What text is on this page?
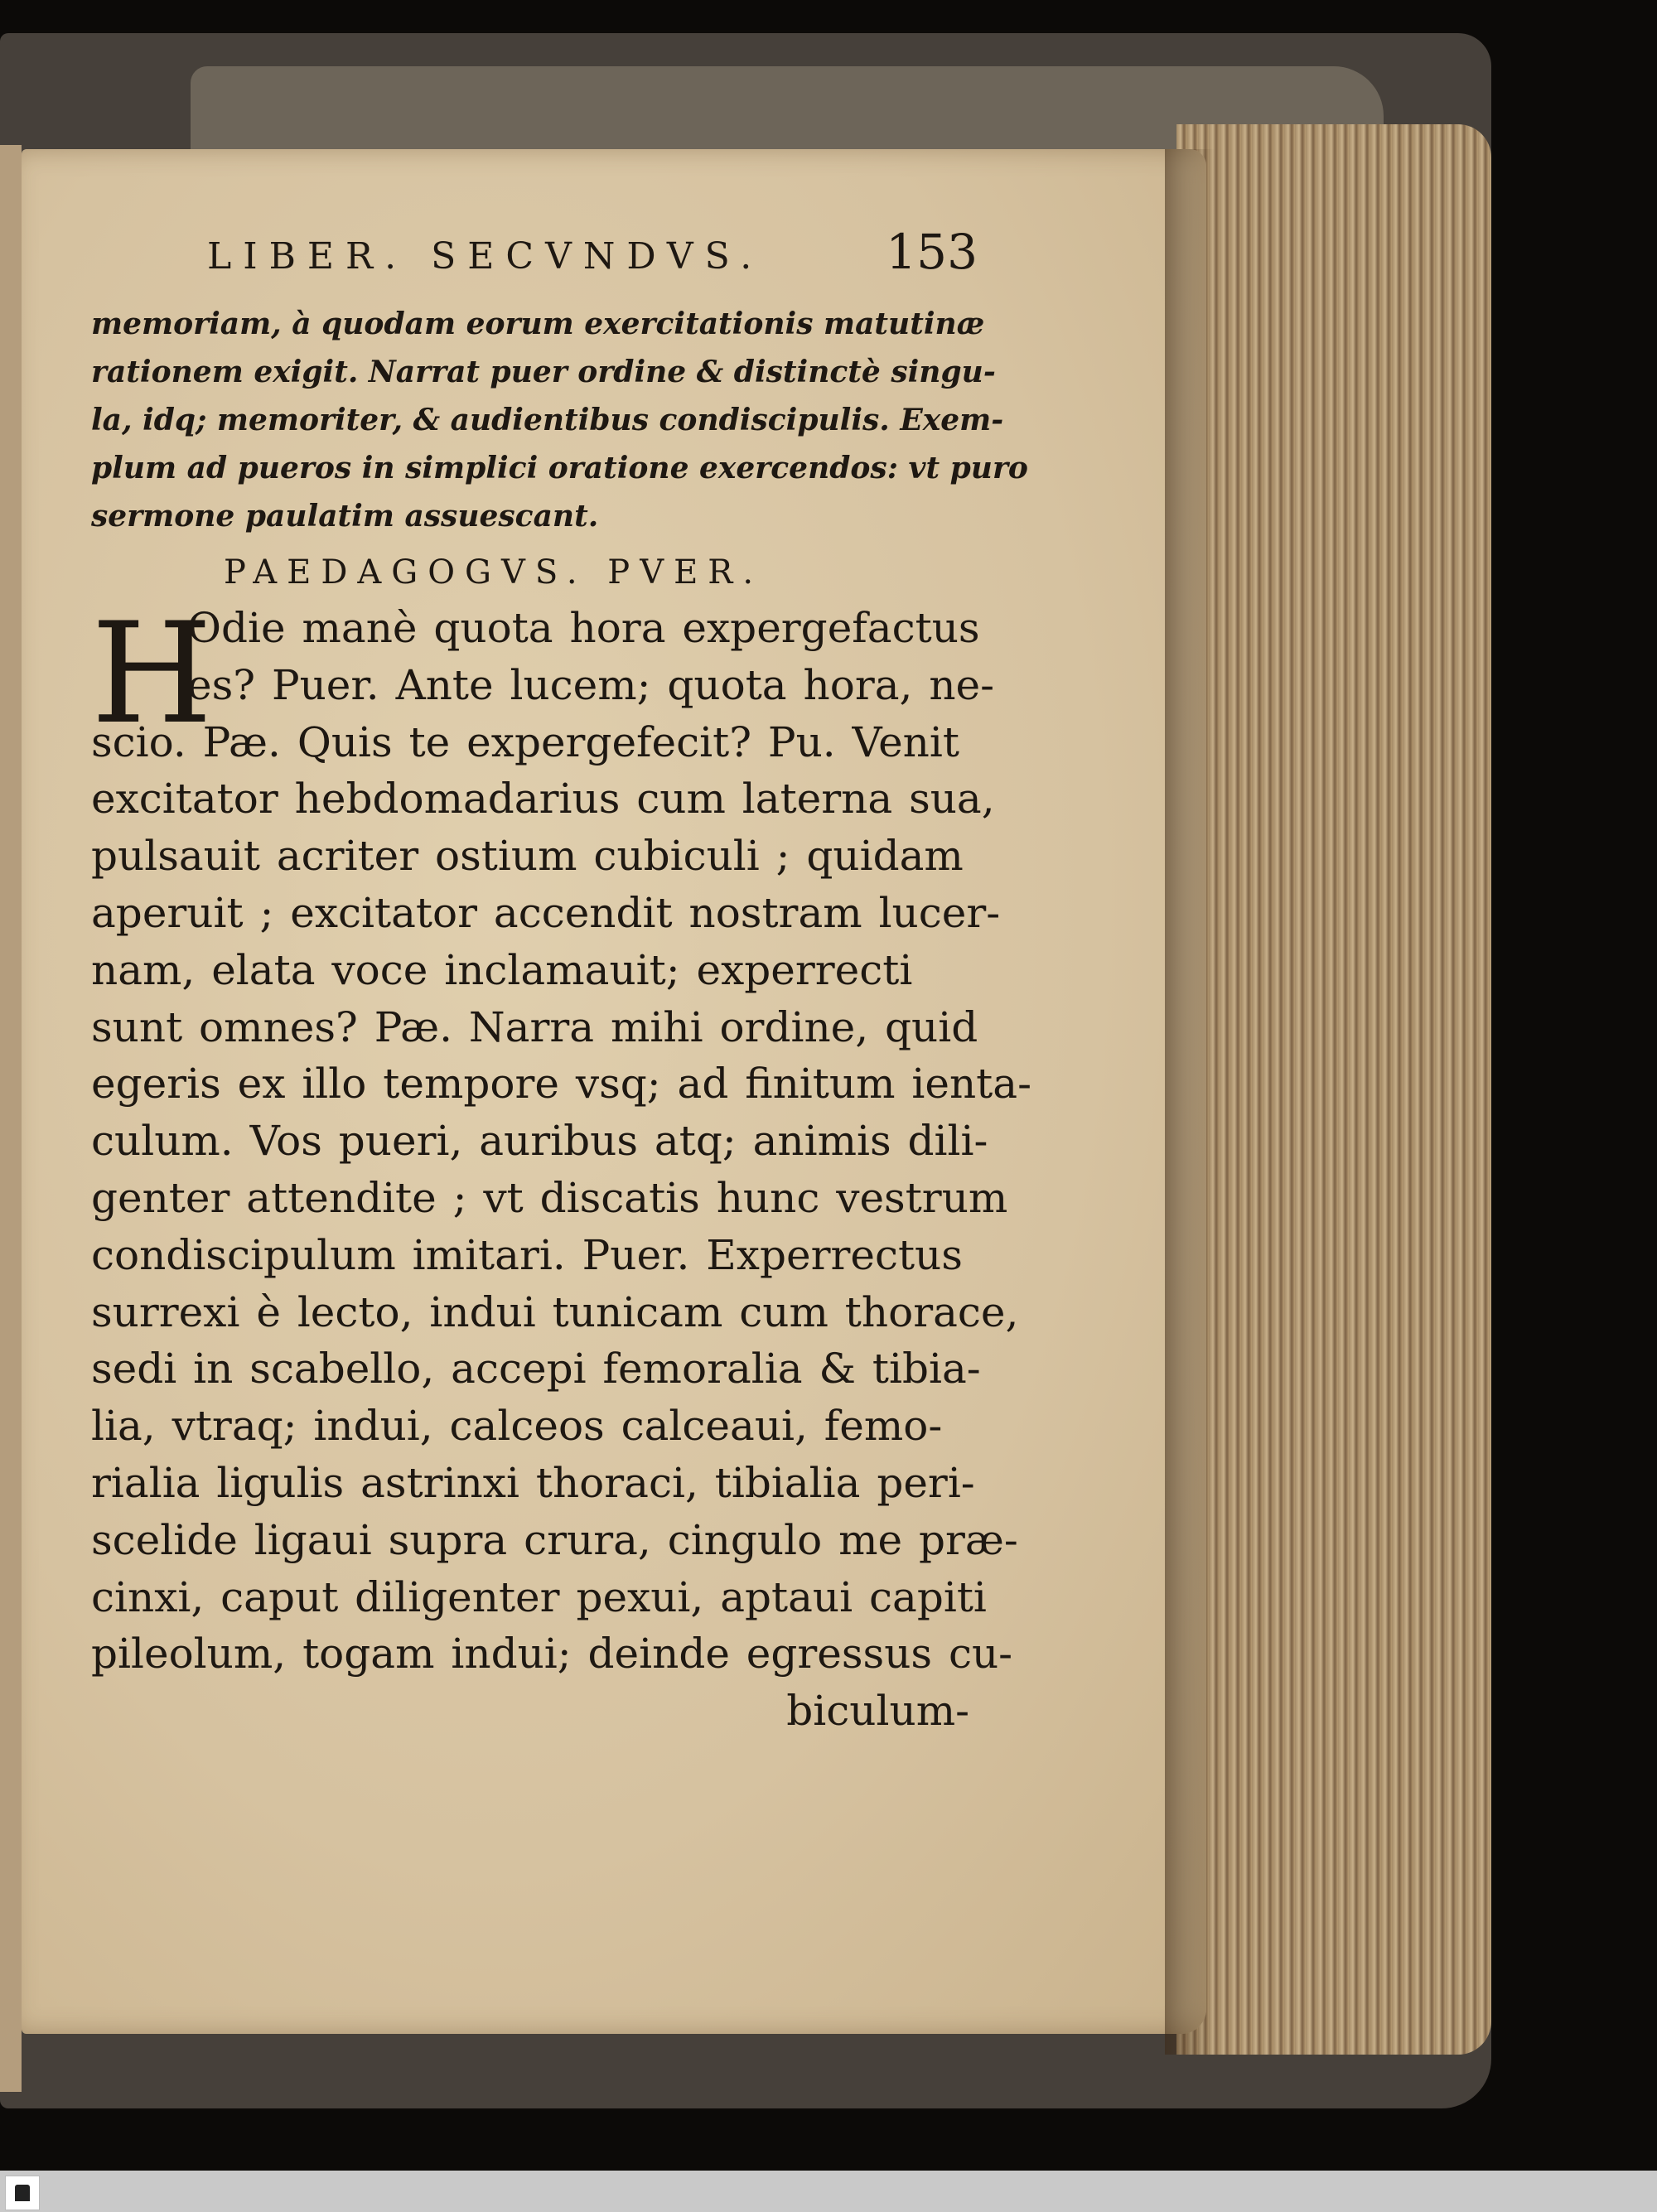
LIBER. SECVNDVS.	153
memoriam, à quodam eorum exercitationis matutinæ
rationem exigit. Narrat puer ordine & distinctè singu-
la, idq; memoriter, & audientibus condiscipulis. Exem-
plum ad pueros in simplici oratione exercendos: vt puro
sermone paulatim assuescant.
PAEDAGOGVS. PVER.
H
Odie manè quota hora expergefactus
es? Puer. Ante lucem; quota hora, ne-
scio. Pæ. Quis te expergefecit? Pu. Venit
excitator hebdomadarius cum laterna sua,
pulsauit acriter ostium cubiculi ; quidam
aperuit ; excitator accendit nostram lucer-
nam, elata voce inclamauit; experrecti
sunt omnes? Pæ. Narra mihi ordine, quid
egeris ex illo tempore vsq; ad finitum ienta-
culum. Vos pueri, auribus atq; animis dili-
genter attendite ; vt discatis hunc vestrum
condiscipulum imitari. Puer. Experrectus
surrexi è lecto, indui tunicam cum thorace,
sedi in scabello, accepi femoralia & tibia-
lia, vtraq; indui, calceos calceaui, femo-
rialia ligulis astrinxi thoraci, tibialia peri-
scelide ligaui supra crura, cingulo me præ-
cinxi, caput diligenter pexui, aptaui capiti
pileolum, togam indui; deinde egressus cu-
biculum-
